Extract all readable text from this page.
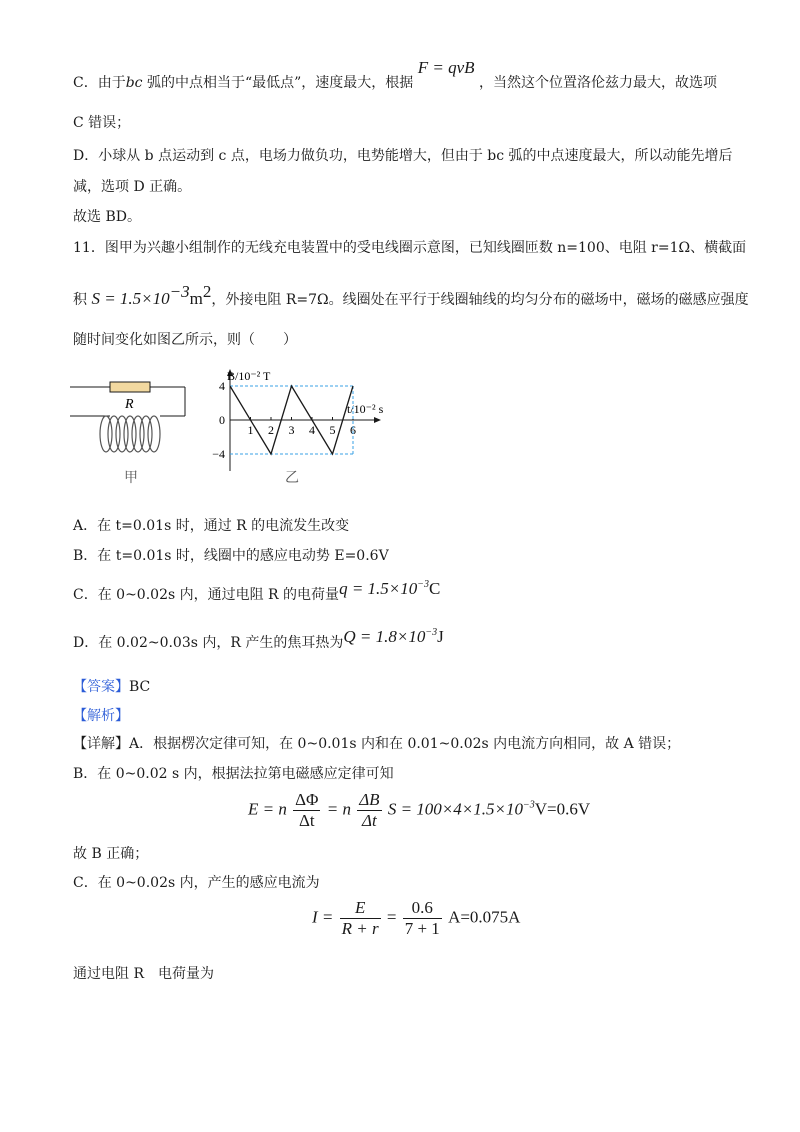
C．由于bc 弧的中点相当于“最低点”，速度最大，根据 F = qvB ，当然这个位置洛伦兹力最大，故选项
C 错误；
D．小球从 b 点运动到 c 点，电场力做负功，电势能增大，但由于 bc 弧的中点速度最大，所以动能先增后
减，选项 D 正确。
故选 BD。
11．图甲为兴趣小组制作的无线充电装置中的受电线圈示意图，已知线圈匝数 n=100、电阻 r=1Ω、横截面
积 $S = 1.5\times 10^{-3}m^2$，外接电阻 R=7Ω。线圈处在平行于线圈轴线的均匀分布的磁场中，磁场的磁感应强度
随时间变化如图乙所示，则（　　）
R
甲
B/10⁻² T
t/10⁻² s
4
0
−4
1 2 3 4 5 6
乙
A．在 t=0.01s 时，通过 R 的电流发生改变
B．在 t=0.01s 时，线圈中的感应电动势 E=0.6V
C．在 0~0.02s 内，通过电阻 R 的电荷量$q = 1.5\times 10^{-3}C$
D．在 0.02~0.03s 内，R 产生的焦耳热为$Q = 1.8\times 10^{-3}J$
【答案】BC
【解析】
【详解】A．根据楞次定律可知，在 0~0.01s 内和在 0.01~0.02s 内电流方向相同，故 A 错误；
B．在 0~0.02 s 内，根据法拉第电磁感应定律可知
E = n $\frac{\Delta\Phi}{\Delta t} = n \frac{\Delta B}{\Delta t}$ $S = 100\times 4\times 1.5\times 10^{-3}V=0.6V$
故 B 正确；
C．在 0~0.02s 内，产生的感应电流为
$I = \frac{E}{R + r} = \frac{0.6}{7 + 1} A=0.075A$
通过电阻 R　电荷量为
